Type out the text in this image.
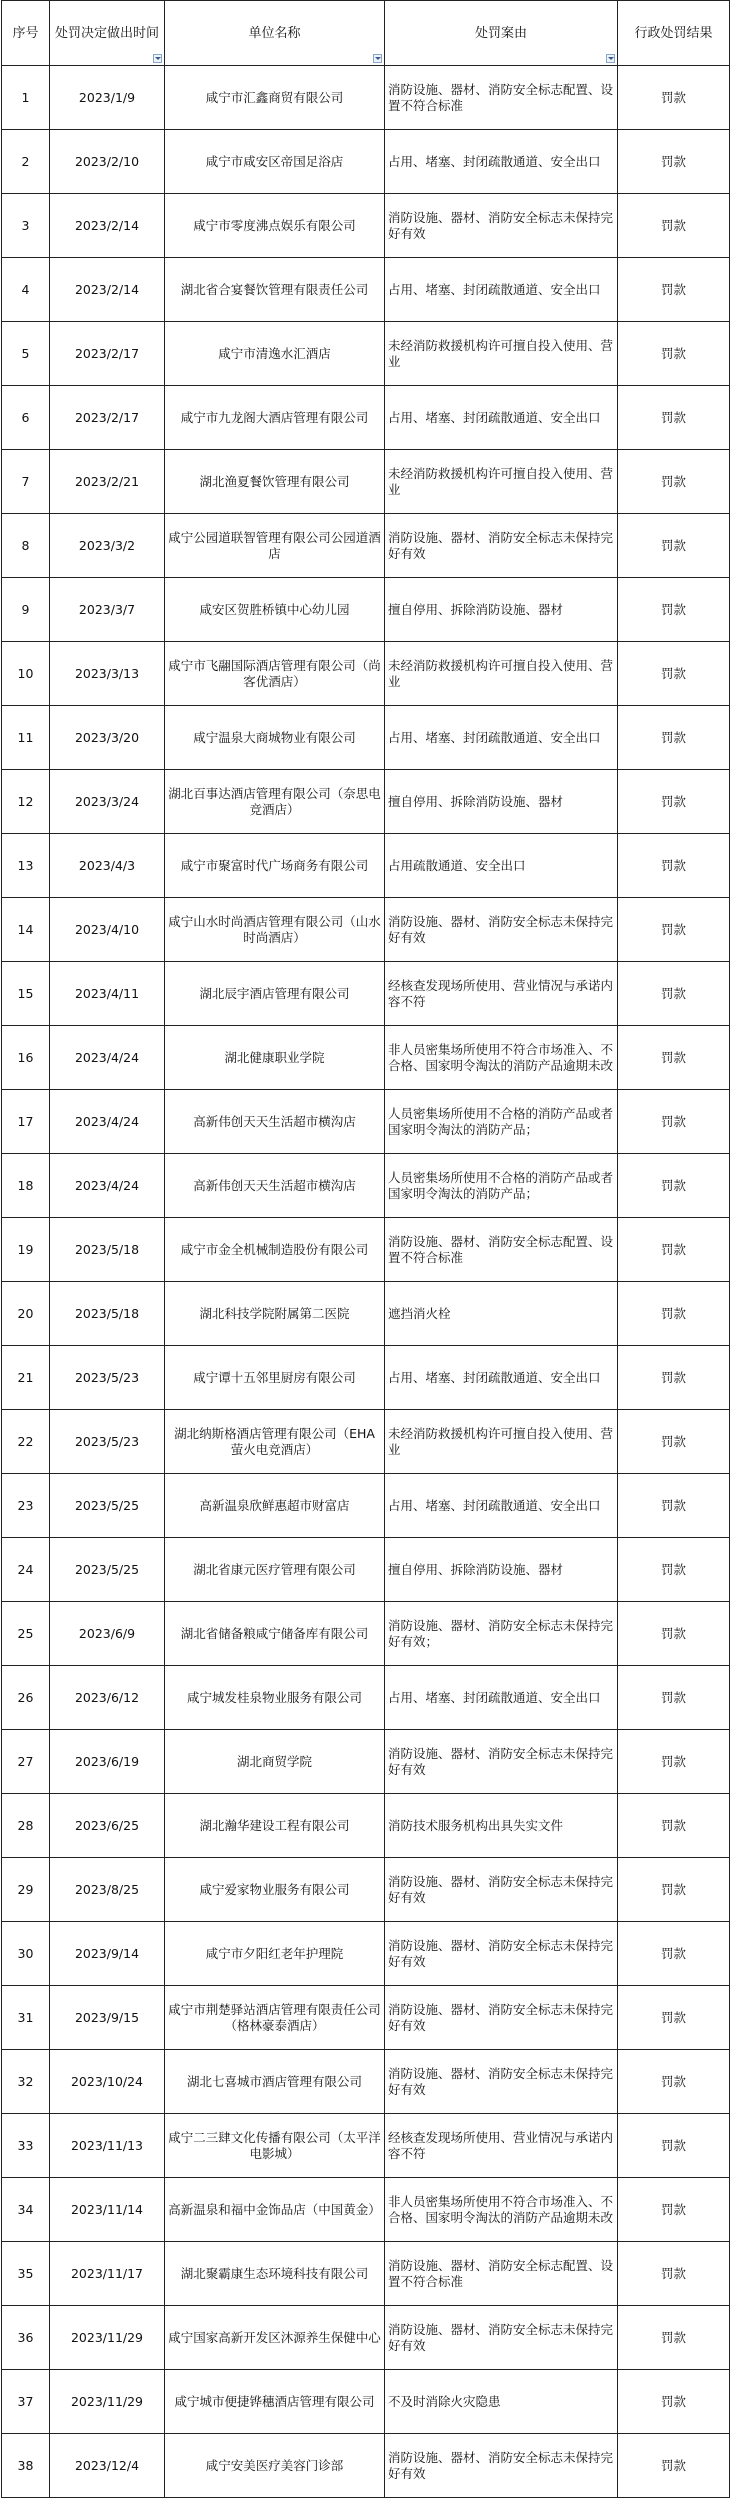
序号	处罚决定做出时间	单位名称	处罚案由	行政处罚结果
1	2023/1/9	咸宁市汇鑫商贸有限公司	消防设施、器材、消防安全标志配置、设置不符合标准	罚款
2	2023/2/10	咸宁市咸安区帝国足浴店	占用、堵塞、封闭疏散通道、安全出口	罚款
3	2023/2/14	咸宁市零度沸点娱乐有限公司	消防设施、器材、消防安全标志未保持完好有效	罚款
4	2023/2/14	湖北省合宴餐饮管理有限责任公司	占用、堵塞、封闭疏散通道、安全出口	罚款
5	2023/2/17	咸宁市清逸水汇酒店	未经消防救援机构许可擅自投入使用、营业	罚款
6	2023/2/17	咸宁市九龙阁大酒店管理有限公司	占用、堵塞、封闭疏散通道、安全出口	罚款
7	2023/2/21	湖北渔夏餐饮管理有限公司	未经消防救援机构许可擅自投入使用、营业	罚款
8	2023/3/2	咸宁公园道联智管理有限公司公园道酒店	消防设施、器材、消防安全标志未保持完好有效	罚款
9	2023/3/7	咸安区贺胜桥镇中心幼儿园	擅自停用、拆除消防设施、器材	罚款
10	2023/3/13	咸宁市飞翮国际酒店管理有限公司（尚客优酒店）	未经消防救援机构许可擅自投入使用、营业	罚款
11	2023/3/20	咸宁温泉大商城物业有限公司	占用、堵塞、封闭疏散通道、安全出口	罚款
12	2023/3/24	湖北百事达酒店管理有限公司（奈思电竞酒店）	擅自停用、拆除消防设施、器材	罚款
13	2023/4/3	咸宁市聚富时代广场商务有限公司	占用疏散通道、安全出口	罚款
14	2023/4/10	咸宁山水时尚酒店管理有限公司（山水时尚酒店）	消防设施、器材、消防安全标志未保持完好有效	罚款
15	2023/4/11	湖北辰宇酒店管理有限公司	经核查发现场所使用、营业情况与承诺内容不符	罚款
16	2023/4/24	湖北健康职业学院	非人员密集场所使用不符合市场准入、不合格、国家明令淘汰的消防产品逾期未改	罚款
17	2023/4/24	高新伟创天天生活超市横沟店	人员密集场所使用不合格的消防产品或者国家明令淘汰的消防产品；	罚款
18	2023/4/24	高新伟创天天生活超市横沟店	人员密集场所使用不合格的消防产品或者国家明令淘汰的消防产品；	罚款
19	2023/5/18	咸宁市金全机械制造股份有限公司	消防设施、器材、消防安全标志配置、设置不符合标准	罚款
20	2023/5/18	湖北科技学院附属第二医院	遮挡消火栓	罚款
21	2023/5/23	咸宁谭十五邻里厨房有限公司	占用、堵塞、封闭疏散通道、安全出口	罚款
22	2023/5/23	湖北纳斯格酒店管理有限公司（EHA萤火电竞酒店）	未经消防救援机构许可擅自投入使用、营业	罚款
23	2023/5/25	高新温泉欣鲜惠超市财富店	占用、堵塞、封闭疏散通道、安全出口	罚款
24	2023/5/25	湖北省康元医疗管理有限公司	擅自停用、拆除消防设施、器材	罚款
25	2023/6/9	湖北省储备粮咸宁储备库有限公司	消防设施、器材、消防安全标志未保持完好有效；	罚款
26	2023/6/12	咸宁城发桂泉物业服务有限公司	占用、堵塞、封闭疏散通道、安全出口	罚款
27	2023/6/19	湖北商贸学院	消防设施、器材、消防安全标志未保持完好有效	罚款
28	2023/6/25	湖北瀚华建设工程有限公司	消防技术服务机构出具失实文件	罚款
29	2023/8/25	咸宁爱家物业服务有限公司	消防设施、器材、消防安全标志未保持完好有效	罚款
30	2023/9/14	咸宁市夕阳红老年护理院	消防设施、器材、消防安全标志未保持完好有效	罚款
31	2023/9/15	咸宁市荆楚驿站酒店管理有限责任公司（格林豪泰酒店）	消防设施、器材、消防安全标志未保持完好有效	罚款
32	2023/10/24	湖北七喜城市酒店管理有限公司	消防设施、器材、消防安全标志未保持完好有效	罚款
33	2023/11/13	咸宁二三肆文化传播有限公司（太平洋电影城）	经核查发现场所使用、营业情况与承诺内容不符	罚款
34	2023/11/14	高新温泉和福中金饰品店（中国黄金）	非人员密集场所使用不符合市场准入、不合格、国家明令淘汰的消防产品逾期未改	罚款
35	2023/11/17	湖北聚霸康生态环境科技有限公司	消防设施、器材、消防安全标志配置、设置不符合标准	罚款
36	2023/11/29	咸宁国家高新开发区沐源养生保健中心	消防设施、器材、消防安全标志未保持完好有效	罚款
37	2023/11/29	咸宁城市便捷铧穗酒店管理有限公司	不及时消除火灾隐患	罚款
38	2023/12/4	咸宁安美医疗美容门诊部	消防设施、器材、消防安全标志未保持完好有效	罚款
